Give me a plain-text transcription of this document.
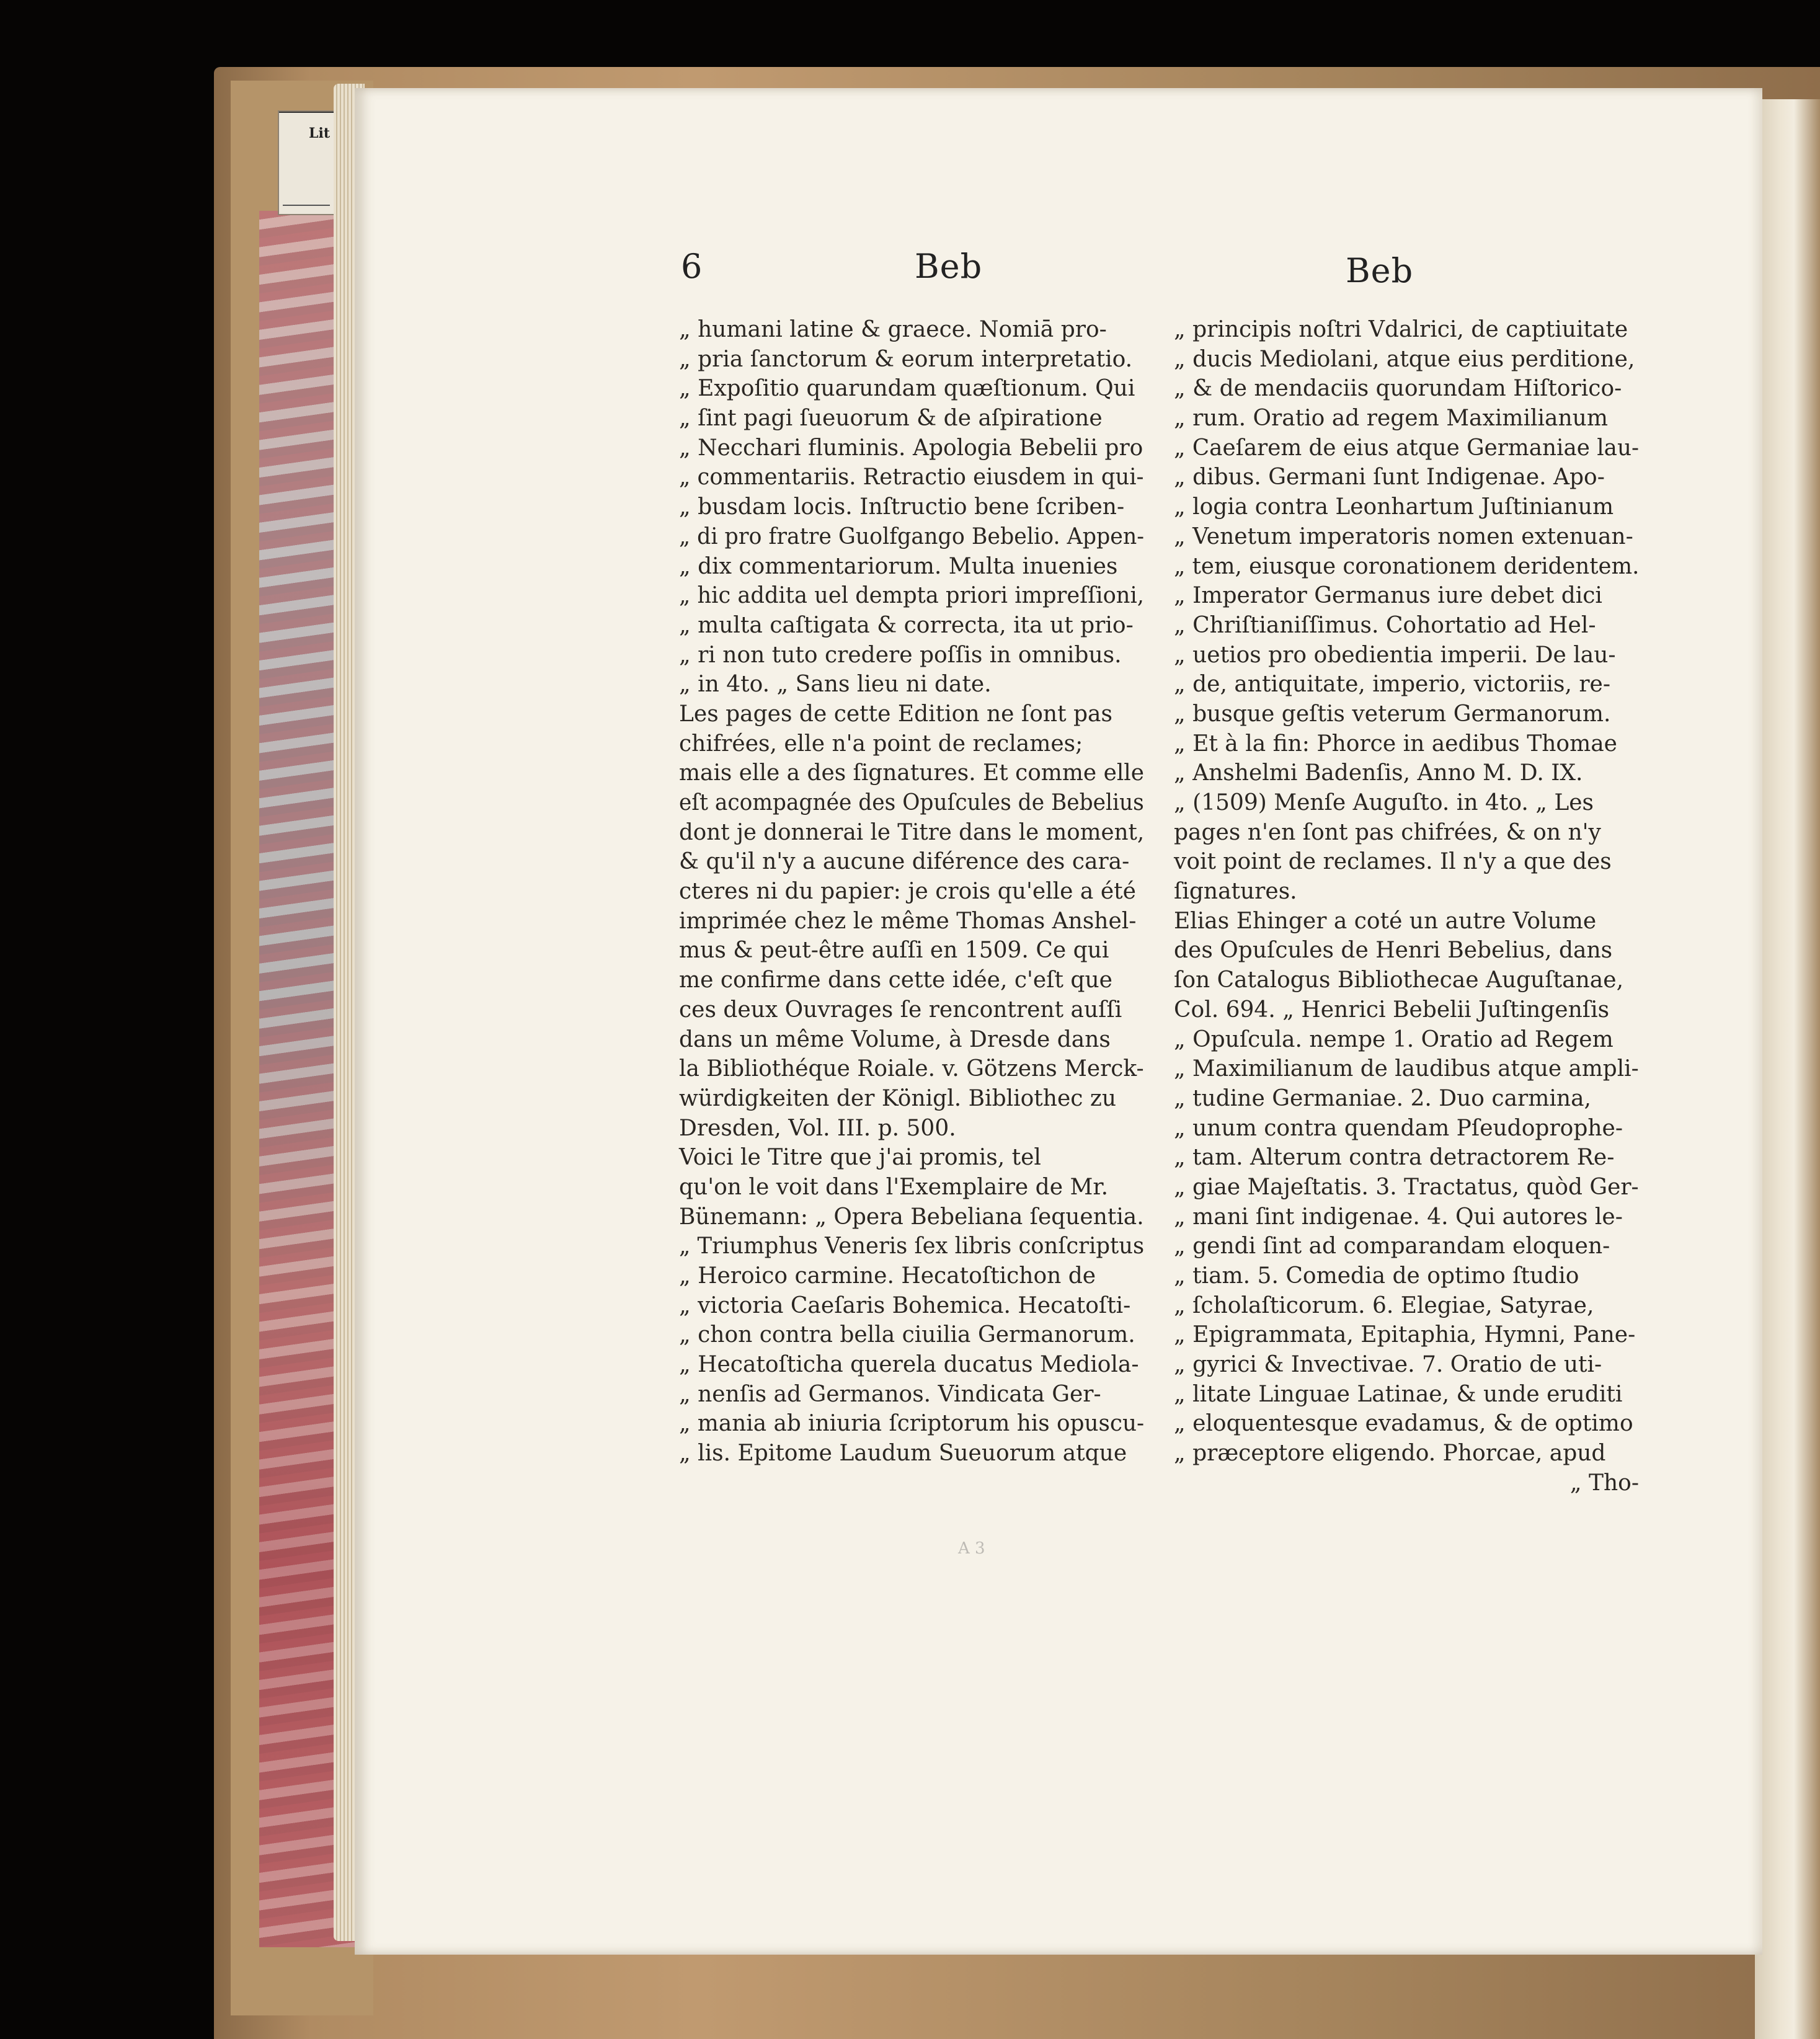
Lit
6	Beb	Beb
„ humani latine & graece. Nomiā pro-
„ pria ſanctorum & eorum interpretatio.
„ Expoſitio quarundam quæſtionum. Qui
„ ſint pagi ſueuorum & de aſpiratione
„ Necchari fluminis. Apologia Bebelii pro
„ commentariis. Retractio eiusdem in qui-
„ busdam locis. Inſtructio bene ſcriben-
„ di pro fratre Guolfgango Bebelio. Appen-
„ dix commentariorum. Multa inuenies
„ hic addita uel dempta priori impreſſioni,
„ multa caſtigata & correcta, ita ut prio-
„ ri non tuto credere poſſis in omnibus.
„ in 4to. „ Sans lieu ni date.
Les pages de cette Edition ne ſont pas
chifrées, elle n'a point de reclames;
mais elle a des ſignatures. Et comme elle
eſt acompagnée des Opuſcules de Bebelius
dont je donnerai le Titre dans le moment,
& qu'il n'y a aucune diférence des cara-
cteres ni du papier: je crois qu'elle a été
imprimée chez le même Thomas Anshel-
mus & peut-être auſſi en 1509. Ce qui
me confirme dans cette idée, c'eſt que
ces deux Ouvrages ſe rencontrent auſſi
dans un même Volume, à Dresde dans
la Bibliothéque Roiale. v. Götzens Merck-
würdigkeiten der Königl. Bibliothec zu
Dresden, Vol. III. p. 500.
Voici le Titre que j'ai promis, tel
qu'on le voit dans l'Exemplaire de Mr.
Bünemann: „ Opera Bebeliana ſequentia.
„ Triumphus Veneris ſex libris conſcriptus
„ Heroico carmine. Hecatoſtichon de
„ victoria Caeſaris Bohemica. Hecatoſti-
„ chon contra bella ciuilia Germanorum.
„ Hecatoſticha querela ducatus Mediola-
„ nenſis ad Germanos. Vindicata Ger-
„ mania ab iniuria ſcriptorum his opuscu-
„ lis. Epitome Laudum Sueuorum atque
„ principis noſtri Vdalrici, de captiuitate
„ ducis Mediolani, atque eius perditione,
„ & de mendaciis quorundam Hiſtorico-
„ rum. Oratio ad regem Maximilianum
„ Caeſarem de eius atque Germaniae lau-
„ dibus. Germani ſunt Indigenae. Apo-
„ logia contra Leonhartum Juſtinianum
„ Venetum imperatoris nomen extenuan-
„ tem, eiusque coronationem deridentem.
„ Imperator Germanus iure debet dici
„ Chriſtianiſſimus. Cohortatio ad Hel-
„ uetios pro obedientia imperii. De lau-
„ de, antiquitate, imperio, victoriis, re-
„ busque geſtis veterum Germanorum.
„ Et à la fin: Phorce in aedibus Thomae
„ Anshelmi Badenſis, Anno M. D. IX.
„ (1509) Menſe Auguſto. in 4to. „ Les
pages n'en ſont pas chifrées, & on n'y
voit point de reclames. Il n'y a que des
ſignatures.
Elias Ehinger a coté un autre Volume
des Opuſcules de Henri Bebelius, dans
ſon Catalogus Bibliothecae Auguſtanae,
Col. 694. „ Henrici Bebelii Juſtingenſis
„ Opuſcula. nempe 1. Oratio ad Regem
„ Maximilianum de laudibus atque ampli-
„ tudine Germaniae. 2. Duo carmina,
„ unum contra quendam Pſeudoprophe-
„ tam. Alterum contra detractorem Re-
„ giae Majeſtatis. 3. Tractatus, quòd Ger-
„ mani ſint indigenae. 4. Qui autores le-
„ gendi ſint ad comparandam eloquen-
„ tiam. 5. Comedia de optimo ſtudio
„ ſcholaſticorum. 6. Elegiae, Satyrae,
„ Epigrammata, Epitaphia, Hymni, Pane-
„ gyrici & Invectivae. 7. Oratio de uti-
„ litate Linguae Latinae, & unde eruditi
„ eloquentesque evadamus, & de optimo
„ præceptore eligendo. Phorcae, apud
„ Tho-
A 3
